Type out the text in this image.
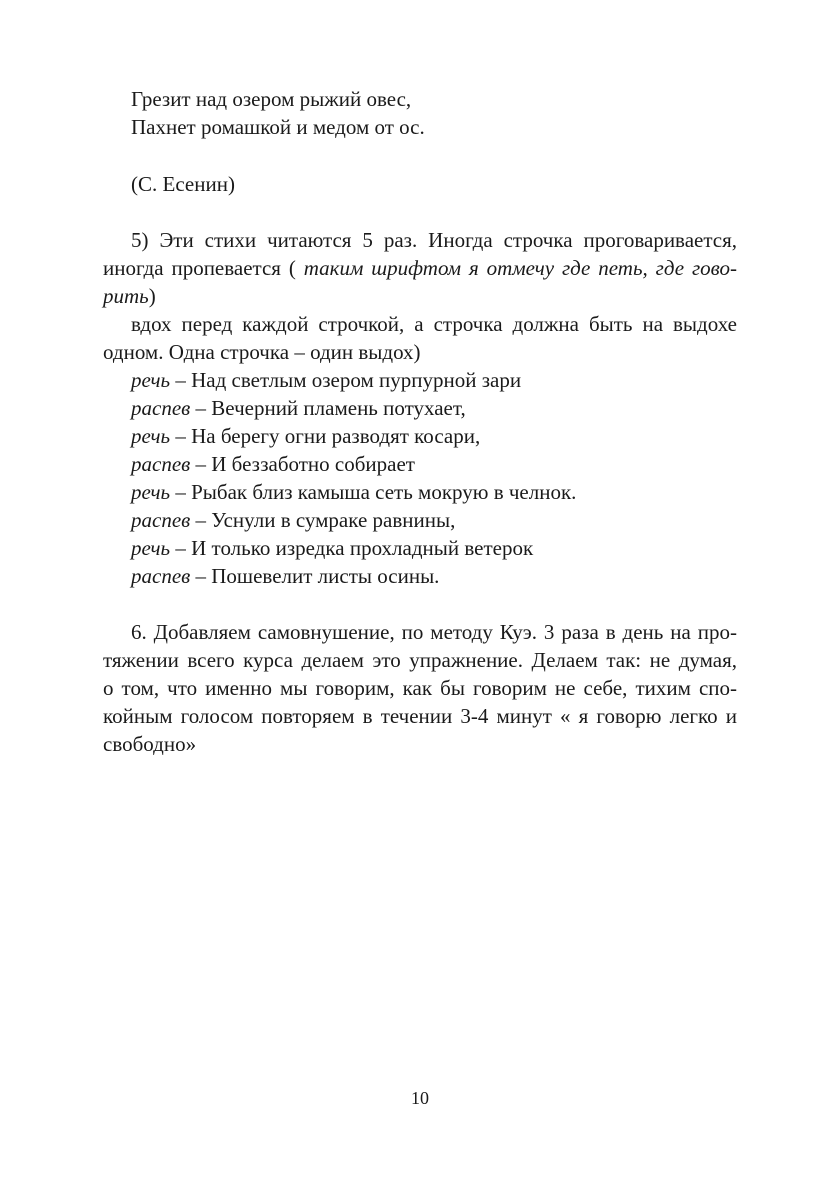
Грезит над озером рыжий овес,
Пахнет ромашкой и медом от ос.
(С. Есенин)
5) Эти стихи читаются 5 раз. Иногда строчка проговаривается,
иногда пропевается ( таким шрифтом я отмечу где петь, где гово-
рить)
вдох перед каждой строчкой, а строчка должна быть на выдохе
одном. Одна строчка – один выдох)
речь – Над светлым озером пурпурной зари
распев – Вечерний пламень потухает,
речь – На берегу огни разводят косари,
распев – И беззаботно собирает
речь – Рыбак близ камыша сеть мокрую в челнок.
распев – Уснули в сумраке равнины,
речь – И только изредка прохладный ветерок
распев – Пошевелит листы осины.
6. Добавляем самовнушение, по методу Куэ. 3 раза в день на про-
тяжении всего курса делаем это упражнение. Делаем так: не думая,
о том, что именно мы говорим, как бы говорим не себе, тихим спо-
койным голосом повторяем в течении 3-4 минут « я говорю легко и
свободно»
10
